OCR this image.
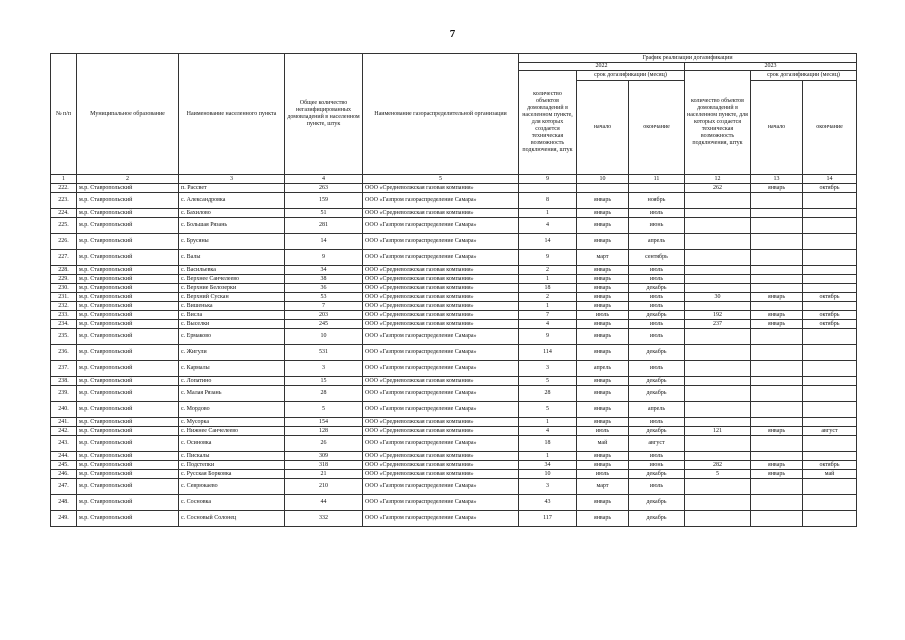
7
№ п/п	Муниципальное образование	Наименование населенного пункта	Общее количество негазифицированных домовладений в населенном пункте, штук	Наименование газораспределительной организации	График реализации догазификации					
					2022			2023		
					количество объектов домовладений в населенном пункте, для которых создается техническая возможность подключения, штук	срок догазификации (месяц)		количество объектов домовладений в населенном пункте, для которых создается техническая возможность подключения, штук	срок догазификации (месяц)	
						начало	окончание		начало	окончание
1	2	3	4	5	9	10	11	12	13	14
222.	м.р. Ставропольский	п. Рассвет	263	ООО «Средневолжская газовая компания»				262	январь	октябрь
223.	м.р. Ставропольский	с. Александровка	159	ООО «Газпром газораспределение Самара»	8	январь	ноябрь			
224.	м.р. Ставропольский	с. Бахилово	51	ООО «Средневолжская газовая компания»	1	январь	июль			
225.	м.р. Ставропольский	с. Большая Рязань	281	ООО «Газпром газораспределение Самара»	4	январь	июнь			
226.	м.р. Ставропольский	с. Брусяны	14	ООО «Газпром газораспределение Самара»	14	январь	апрель			
227.	м.р. Ставропольский	с. Валы	9	ООО «Газпром газораспределение Самара»	9	март	сентябрь			
228.	м.р. Ставропольский	с. Васильевка	34	ООО «Средневолжская газовая компания»	2	январь	июль			
229.	м.р. Ставропольский	с. Верхнее Санчелеево	38	ООО «Средневолжская газовая компания»	1	январь	июль			
230.	м.р. Ставропольский	с. Верхние Белозерки	36	ООО «Средневолжская газовая компания»	18	январь	декабрь			
231.	м.р. Ставропольский	с. Верхний Сускан	53	ООО «Средневолжская газовая компания»	2	январь	июль	30	январь	октябрь
232.	м.р. Ставропольский	с. Вишенька	7	ООО «Средневолжская газовая компания»	1	январь	июль			
233.	м.р. Ставропольский	с. Висла	203	ООО «Средневолжская газовая компания»	7	июль	декабрь	192	январь	октябрь
234.	м.р. Ставропольский	с. Выселки	245	ООО «Средневолжская газовая компания»	4	январь	июль	237	январь	октябрь
235.	м.р. Ставропольский	с. Ермаково	10	ООО «Газпром газораспределение Самара»	9	январь	июль			
236.	м.р. Ставропольский	с. Жигули	531	ООО «Газпром газораспределение Самара»	114	январь	декабрь			
237.	м.р. Ставропольский	с. Кармалы	3	ООО «Газпром газораспределение Самара»	3	апрель	июль			
238.	м.р. Ставропольский	с. Лопатино	15	ООО «Средневолжская газовая компания»	5	январь	декабрь			
239.	м.р. Ставропольский	с. Малая Рязань	28	ООО «Газпром газораспределение Самара»	28	январь	декабрь			
240.	м.р. Ставропольский	с. Мордово	5	ООО «Газпром газораспределение Самара»	5	январь	апрель			
241.	м.р. Ставропольский	с. Мусорка	154	ООО «Средневолжская газовая компания»	1	январь	июль			
242.	м.р. Ставропольский	с. Нижнее Санчелеево	128	ООО «Средневолжская газовая компания»	4	июль	декабрь	121	январь	август
243.	м.р. Ставропольский	с. Осиновка	26	ООО «Газпром газораспределение Самара»	18	май	август			
244.	м.р. Ставропольский	с. Пискалы	309	ООО «Средневолжская газовая компания»	1	январь	июль			
245.	м.р. Ставропольский	с. Подстепки	318	ООО «Средневолжская газовая компания»	34	январь	июнь	282	январь	октябрь
246.	м.р. Ставропольский	с. Русская Борковка	21	ООО «Средневолжская газовая компания»	10	июль	декабрь	5	январь	май
247.	м.р. Ставропольский	с. Севрюкаево	210	ООО «Газпром газораспределение Самара»	3	март	июль			
248.	м.р. Ставропольский	с. Сосновка	44	ООО «Газпром газораспределение Самара»	43	январь	декабрь			
249.	м.р. Ставропольский	с. Сосновый Солонец	332	ООО «Газпром газораспределение Самара»	117	январь	декабрь			
